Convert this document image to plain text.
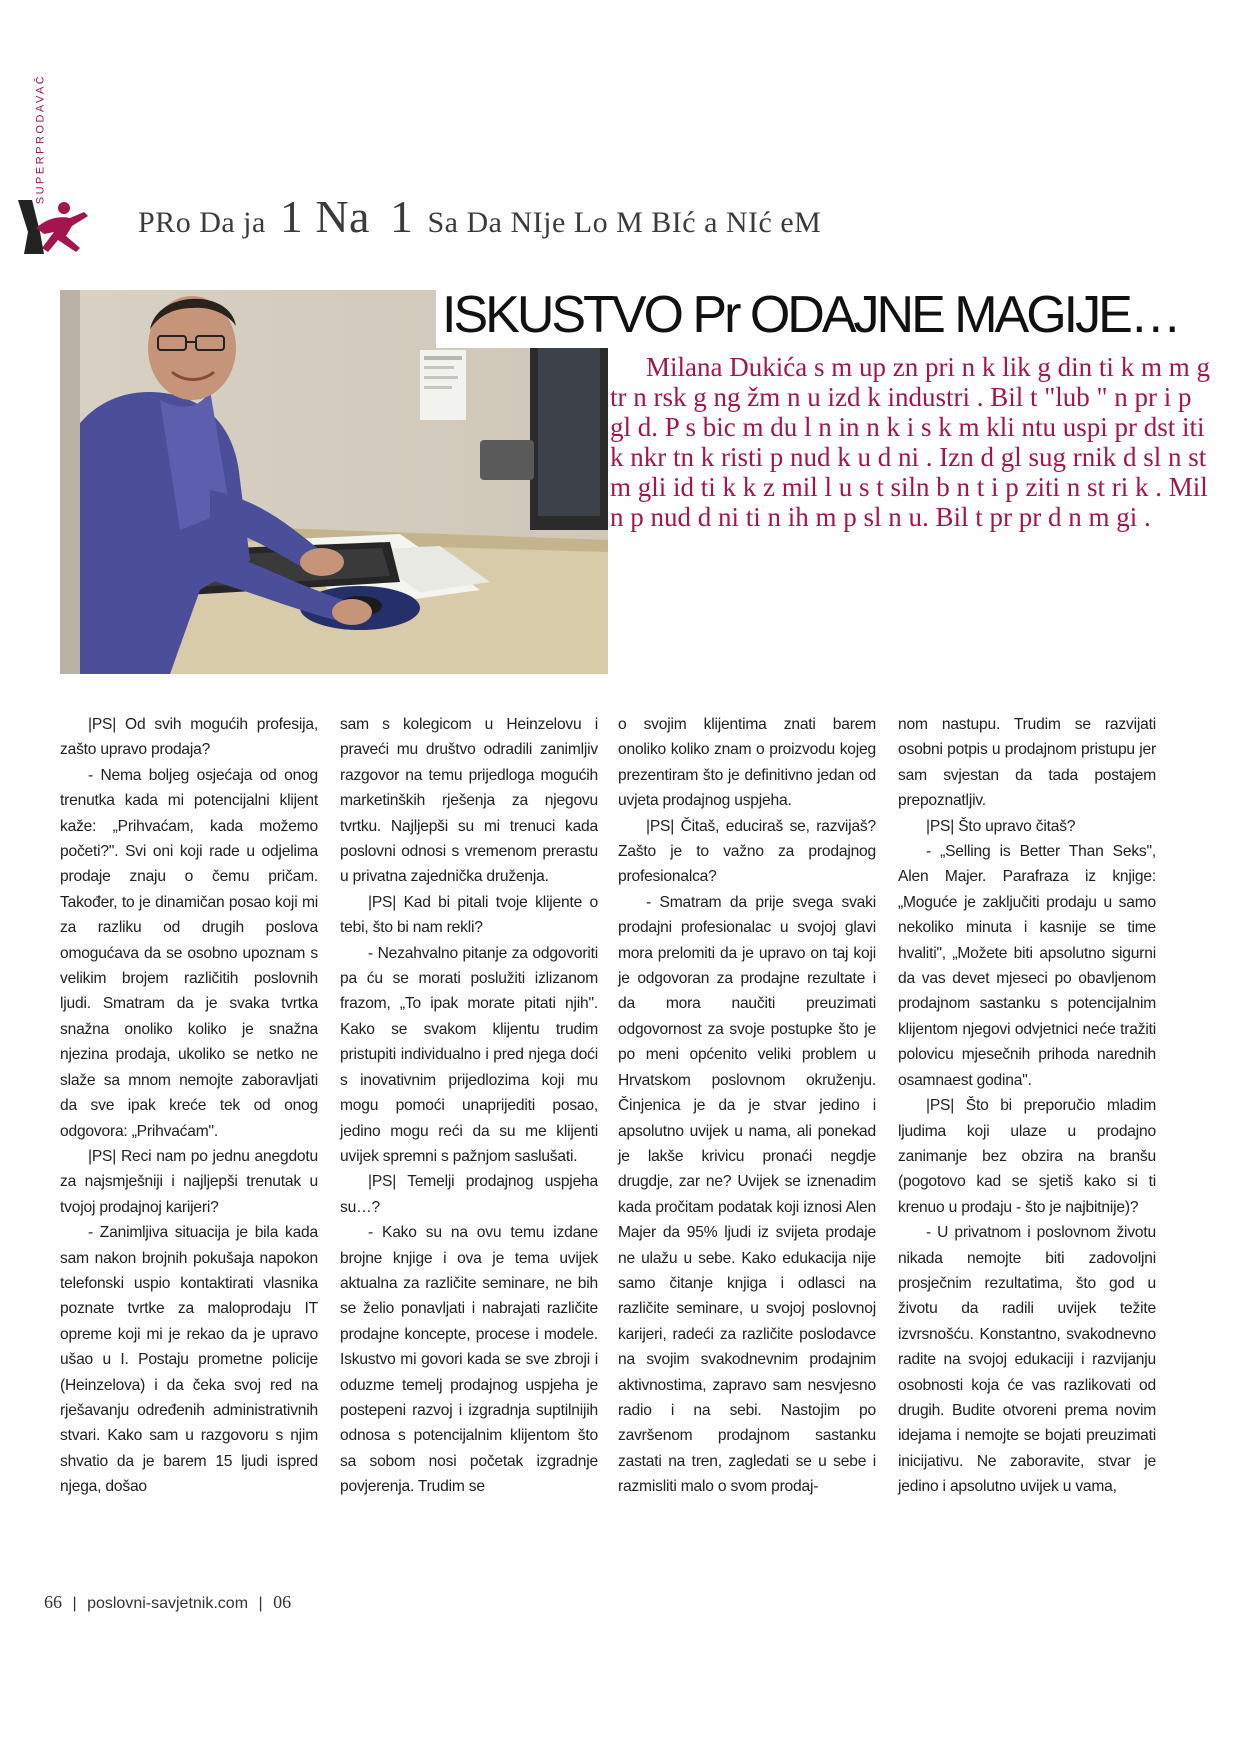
SUPERPRODAVAČ
PRo Da ja 1 Na 1 Sa Da NIje Lo M BIć a NIć eM
ISKUSTVO Pr ODAJNE MAGIJE…

Milana Dukića s m up zn pri n k lik g din ti k m m g tr n rsk g ng žm n u izd k industri . Bil t "lub " n pr i p gl d. P s bic m du l n in n k i s k m kli ntu uspi pr dst iti k nkr tn k risti p nud k u d ni . Izn d gl sug rnik d sl n st m gli id ti k k z mil l u s t siln b n t i p ziti n st ri k . Mil n p nud d ni ti n ih m p sl n u. Bil t pr pr d n m gi .

|PS| Od svih mogućih profesija, zašto upravo prodaja?

- Nema boljeg osjećaja od onog trenutka kada mi potencijalni klijent kaže: „Prihvaćam, kada možemo početi?". Svi oni koji rade u odjelima prodaje znaju o čemu pričam. Također, to je dinamičan posao koji mi za razliku od drugih poslova omogućava da se osobno upoznam s velikim brojem različitih poslovnih ljudi. Smatram da je svaka tvrtka snažna onoliko koliko je snažna njezina prodaja, ukoliko se netko ne slaže sa mnom nemojte zaboravljati da sve ipak kreće tek od onog odgovora: „Prihvaćam".

|PS| Reci nam po jednu anegdotu za najsmješniji i najljepši trenutak u tvojoj prodajnoj karijeri?

- Zanimljiva situacija je bila kada sam nakon brojnih pokušaja napokon telefonski uspio kontaktirati vlasnika poznate tvrtke za maloprodaju IT opreme koji mi je rekao da je upravo ušao u I. Postaju prometne policije (Heinzelova) i da čeka svoj red na rješavanju određenih administrativnih stvari. Kako sam u razgovoru s njim shvatio da je barem 15 ljudi ispred njega, došao

sam s kolegicom u Heinzelovu i praveći mu društvo odradili zanimljiv razgovor na temu prijedloga mogućih marketinških rješenja za njegovu tvrtku. Najljepši su mi trenuci kada poslovni odnosi s vremenom prerastu u privatna zajednička druženja.

|PS| Kad bi pitali tvoje klijente o tebi, što bi nam rekli?

- Nezahvalno pitanje za odgovoriti pa ću se morati poslužiti izlizanom frazom, „To ipak morate pitati njih". Kako se svakom klijentu trudim pristupiti individualno i pred njega doći s inovativnim prijedlozima koji mu mogu pomoći unaprijediti posao, jedino mogu reći da su me klijenti uvijek spremni s pažnjom saslušati.

|PS| Temelji prodajnog uspjeha su…?

- Kako su na ovu temu izdane brojne knjige i ova je tema uvijek aktualna za različite seminare, ne bih se želio ponavljati i nabrajati različite prodajne koncepte, procese i modele. Iskustvo mi govori kada se sve zbroji i oduzme temelj prodajnog uspjeha je postepeni razvoj i izgradnja suptilnijih odnosa s potencijalnim klijentom što sa sobom nosi početak izgradnje povjerenja. Trudim se

o svojim klijentima znati barem onoliko koliko znam o proizvodu kojeg prezentiram što je definitivno jedan od uvjeta prodajnog uspjeha.

|PS| Čitaš, educiraš se, razvijaš? Zašto je to važno za prodajnog profesionalca?

- Smatram da prije svega svaki prodajni profesionalac u svojoj glavi mora prelomiti da je upravo on taj koji je odgovoran za prodajne rezultate i da mora naučiti preuzimati odgovornost za svoje postupke što je po meni općenito veliki problem u Hrvatskom poslovnom okruženju. Činjenica je da je stvar jedino i apsolutno uvijek u nama, ali ponekad je lakše krivicu pronaći negdje drugdje, zar ne? Uvijek se iznenadim kada pročitam podatak koji iznosi Alen Majer da 95% ljudi iz svijeta prodaje ne ulažu u sebe. Kako edukacija nije samo čitanje knjiga i odlasci na različite seminare, u svojoj poslovnoj karijeri, radeći za različite poslodavce na svojim svakodnevnim prodajnim aktivnostima, zapravo sam nesvjesno radio i na sebi. Nastojim po završenom prodajnom sastanku zastati na tren, zagledati se u sebe i razmisliti malo o svom prodaj-

nom nastupu. Trudim se razvijati osobni potpis u prodajnom pristupu jer sam svjestan da tada postajem prepoznatljiv.

|PS| Što upravo čitaš?

- „Selling is Better Than Seks", Alen Majer. Parafraza iz knjige: „Moguće je zaključiti prodaju u samo nekoliko minuta i kasnije se time hvaliti", „Možete biti apsolutno sigurni da vas devet mjeseci po obavljenom prodajnom sastanku s potencijalnim klijentom njegovi odvjetnici neće tražiti polovicu mjesečnih prihoda narednih osamnaest godina".

|PS| Što bi preporučio mladim ljudima koji ulaze u prodajno zanimanje bez obzira na branšu (pogotovo kad se sjetiš kako si ti krenuo u prodaju - što je najbitnije)?

- U privatnom i poslovnom životu nikada nemojte biti zadovoljni prosječnim rezultatima, što god u životu da radili uvijek težite izvrsnošću. Konstantno, svakodnevno radite na svojoj edukaciji i razvijanju osobnosti koja će vas razlikovati od drugih. Budite otvoreni prema novim idejama i nemojte se bojati preuzimati inicijativu. Ne zaboravite, stvar je jedino i apsolutno uvijek u vama,

66 | poslovni-savjetnik.com | 06
